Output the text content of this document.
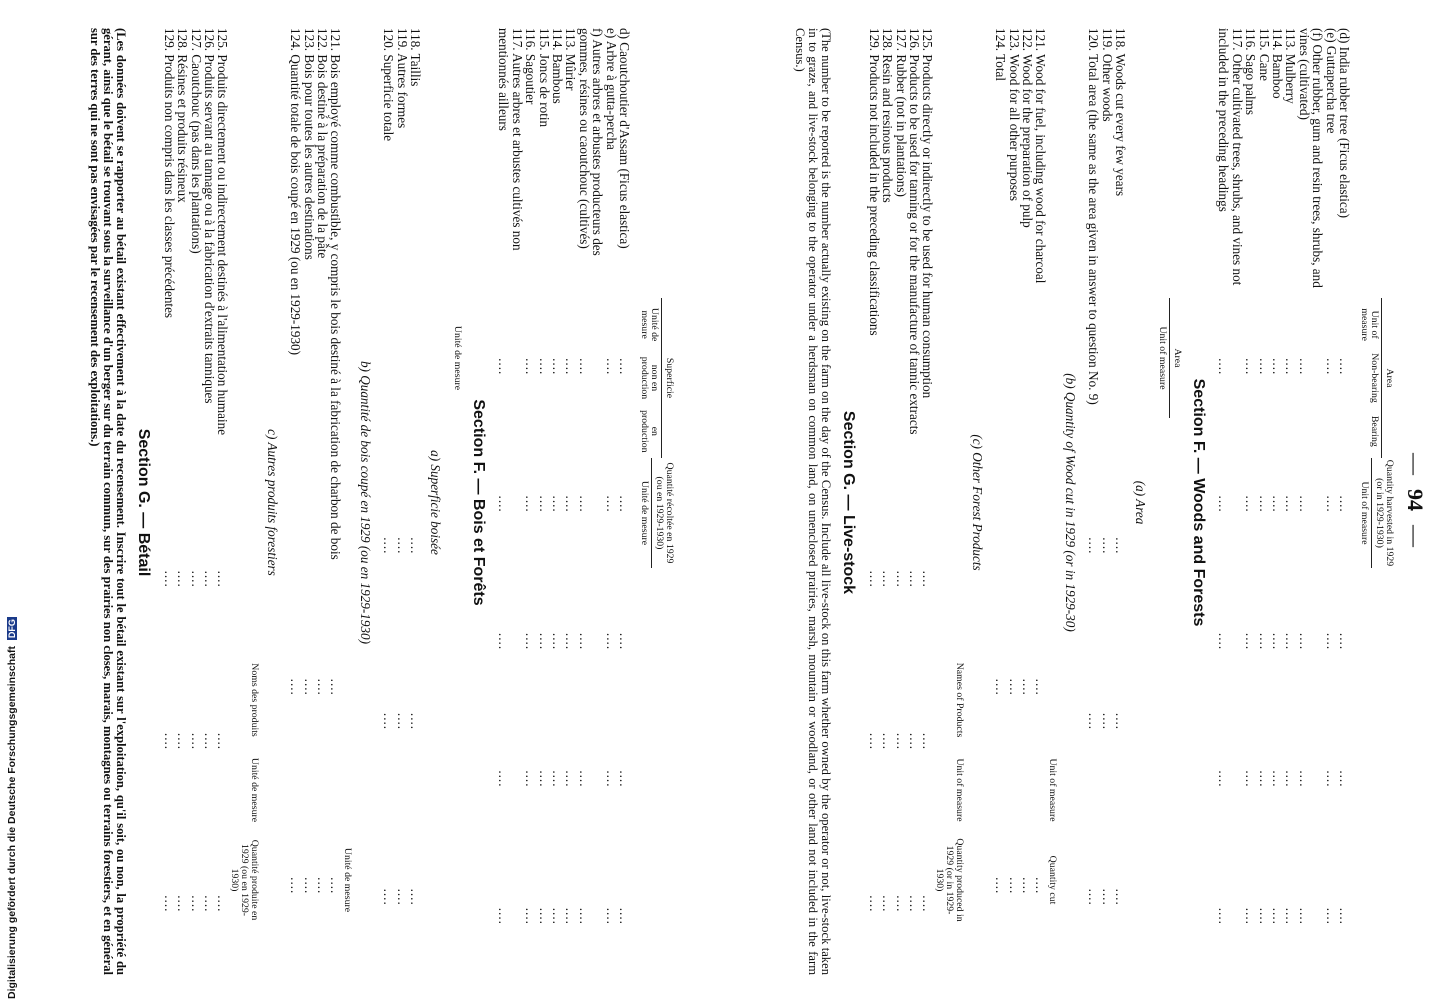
—94—
Area
Unit of measure
Non-bearing
Bearing
Quantity harvested in 1929 (or in 1929-1930)
Unit of measure
(d) India rubber tree (Ficus elastica)
....
....
....
....
....
(e) Guttapercha tree
....
....
....
....
....
(f) Other rubber, gum and resin trees, shrubs, and vines (cultivated)
....
....
....
....
....
113. Mulberry
....
....
....
....
....
114. Bamboo
....
....
....
....
....
115. Cane
....
....
....
....
....
116. Sago palms
....
....
....
....
....
117. Other cultivated trees, shrubs, and vines not included in the preceding headings
....
....
....
....
....
Section F. — Woods and Forests
Area
Unit of measure
(a) Area
118. Woods cut every few years
....
....
....
119. Other woods
....
....
....
120. Total area (the same as the area given in answer to question No. 9)
....
....
....
(b) Quantity of Wood cut in 1929 (or in 1929-30)
Unit of measure
Quantity cut
121. Wood for fuel, including wood for charcoal
....
....
122. Wood for the preparation of pulp
....
....
123. Wood for all other purposes
....
....
124. Total
....
....
(c) Other Forest Products
Names of Products
Unit of measure
Quantity produced in 1929 (or in 1929-1930)
125. Products directly or indirectly to be used for human consumption
....
....
....
126. Products to be used for tanning or for the manufacture of tannic extracts
....
....
....
127. Rubber (not in plantations)
....
....
....
128. Resin and resinous products
....
....
....
129. Products not included in the preceding classifications
....
....
....
Section G. — Live-stock
(The number to be reported is the number actually existing on the farm on the day of the Census. Include all live-stock on this farm whether owned by the operator or not, live-stock taken in to graze, and live-stock belonging to the operator under a herdsman on common land, on unenclosed prairies, marsh, mountain or woodland, or other land not included in the farm Census.)
Superficie
Unité de mesure
non en production
en production
Quantité récoltée en 1929 (ou en 1929-1930)
Unité de mesure
d) Caoutchoutier d'Assam (Ficus elastica)
....
....
....
....
....
e) Arbre à gutta-percha
....
....
....
....
....
f) Autres arbres et arbustes producteurs des gommes, résines ou caoutchouc (cultivés)
....
....
....
....
....
113. Mûrier
....
....
....
....
....
114. Bambous
....
....
....
....
....
115. Joncs de rotin
....
....
....
....
....
116. Sagoutier
....
....
....
....
....
117. Autres arbres et arbustes cultivés non mentionnés ailleurs
....
....
....
....
....
Section F. — Bois et Forêts
Unité de mesure
a) Superficie boisée
118. Taillis
....
....
....
119. Autres formes
....
....
....
120. Superficie totale
....
....
....
b) Quantité de bois coupé en 1929 (ou en 1929-1930)
Unité de mesure
121. Bois employé comme combustible, y compris le bois destiné à la fabrication de charbon de bois
....
....
122. Bois destiné à la préparation de la pâte
....
....
123. Bois pour toutes les autres destinations
....
....
124. Quantité totale de bois coupé en 1929 (ou en 1929-1930)
....
....
c) Autres produits forestiers
Noms des produits
Unité de mesure
Quantité produite en 1929 (ou en 1929-1930)
125. Produits directement ou indirectement destinés à l'alimentation humaine
....
....
....
126. Produits servant au tannage ou à la fabrication d'extraits tanniques
....
....
....
127. Caoutchouc (pas dans les plantations)
....
....
....
128. Résines et produits résineux
....
....
....
129. Produits non compris dans les classes précédentes
....
....
....
Section G. — Bétail
(Les données doivent se rapporter au bétail existant effectivement à la date du recensement. Inscrire tout le bétail existant sur l'exploitation, qu'il soit, ou non, la propriété du gérant, ainsi que le bétail se trouvant sous la surveillance d'un berger sur du terrain commun, sur des prairies non closes, marais, montagnes ou terrains forestiers, et en général sur des terres qui ne sont pas envisagées par le recensement des exploitations.)
Digitalisierung gefördert durch die Deutsche Forschungsgemeinschaft DFG
